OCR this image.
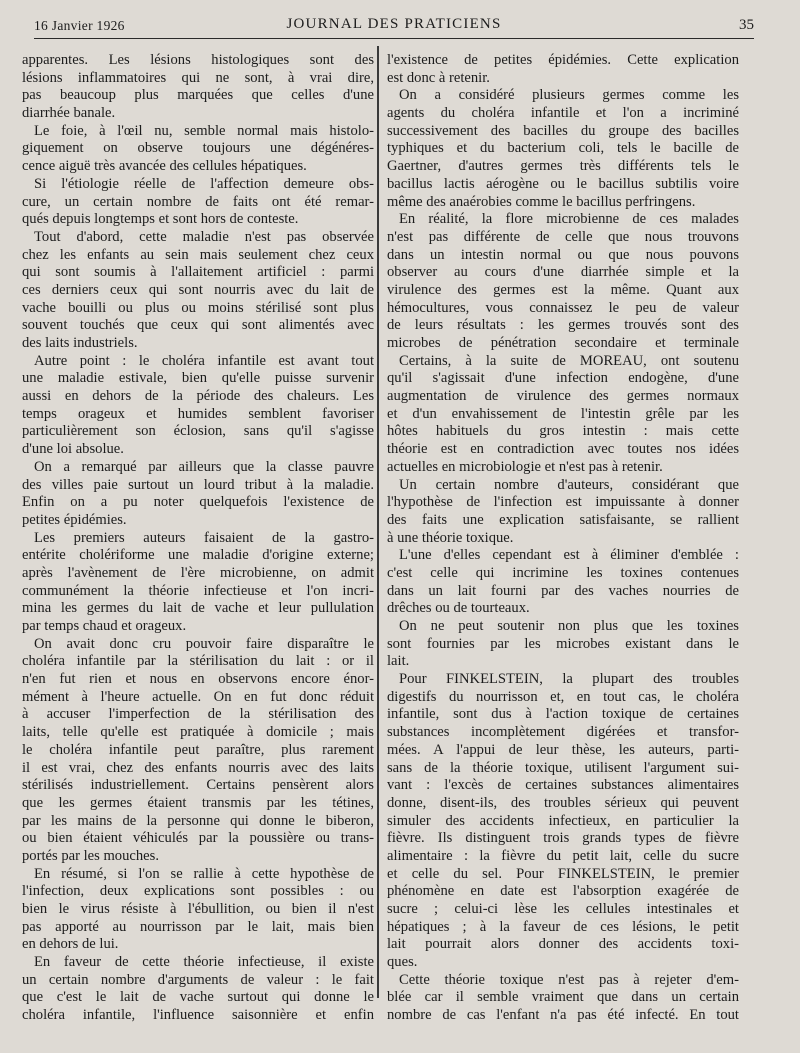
16 Janvier 1926	JOURNAL DES PRATICIENS	35
apparentes. Les lésions histologiques sont des
lésions inflammatoires qui ne sont, à vrai dire,
pas beaucoup plus marquées que celles d'une
diarrhée banale.
Le foie, à l'œil nu, semble normal mais histolo-
giquement on observe toujours une dégénéres-
cence aiguë très avancée des cellules hépatiques.
Si l'étiologie réelle de l'affection demeure obs-
cure, un certain nombre de faits ont été remar-
qués depuis longtemps et sont hors de conteste.
Tout d'abord, cette maladie n'est pas observée
chez les enfants au sein mais seulement chez ceux
qui sont soumis à l'allaitement artificiel : parmi
ces derniers ceux qui sont nourris avec du lait de
vache bouilli ou plus ou moins stérilisé sont plus
souvent touchés que ceux qui sont alimentés avec
des laits industriels.
Autre point : le choléra infantile est avant tout
une maladie estivale, bien qu'elle puisse survenir
aussi en dehors de la période des chaleurs. Les
temps orageux et humides semblent favoriser
particulièrement son éclosion, sans qu'il s'agisse
d'une loi absolue.
On a remarqué par ailleurs que la classe pauvre
des villes paie surtout un lourd tribut à la maladie.
Enfin on a pu noter quelquefois l'existence de
petites épidémies.
Les premiers auteurs faisaient de la gastro-
entérite cholériforme une maladie d'origine externe;
après l'avènement de l'ère microbienne, on admit
communément la théorie infectieuse et l'on incri-
mina les germes du lait de vache et leur pullulation
par temps chaud et orageux.
On avait donc cru pouvoir faire disparaître le
choléra infantile par la stérilisation du lait : or il
n'en fut rien et nous en observons encore énor-
mément à l'heure actuelle. On en fut donc réduit
à accuser l'imperfection de la stérilisation des
laits, telle qu'elle est pratiquée à domicile ; mais
le choléra infantile peut paraître, plus rarement
il est vrai, chez des enfants nourris avec des laits
stérilisés industriellement. Certains pensèrent alors
que les germes étaient transmis par les tétines,
par les mains de la personne qui donne le biberon,
ou bien étaient véhiculés par la poussière ou trans-
portés par les mouches.
En résumé, si l'on se rallie à cette hypothèse de
l'infection, deux explications sont possibles : ou
bien le virus résiste à l'ébullition, ou bien il n'est
pas apporté au nourrisson par le lait, mais bien
en dehors de lui.
En faveur de cette théorie infectieuse, il existe
un certain nombre d'arguments de valeur : le fait
que c'est le lait de vache surtout qui donne le
choléra infantile, l'influence saisonnière et enfin
l'existence de petites épidémies. Cette explication
est donc à retenir.
On a considéré plusieurs germes comme les
agents du choléra infantile et l'on a incriminé
successivement des bacilles du groupe des bacilles
typhiques et du bacterium coli, tels le bacille de
Gaertner, d'autres germes très différents tels le
bacillus lactis aérogène ou le bacillus subtilis voire
même des anaérobies comme le bacillus perfringens.
En réalité, la flore microbienne de ces malades
n'est pas différente de celle que nous trouvons
dans un intestin normal ou que nous pouvons
observer au cours d'une diarrhée simple et la
virulence des germes est la même. Quant aux
hémocultures, vous connaissez le peu de valeur
de leurs résultats : les germes trouvés sont des
microbes de pénétration secondaire et terminale
Certains, à la suite de MOREAU, ont soutenu
qu'il s'agissait d'une infection endogène, d'une
augmentation de virulence des germes normaux
et d'un envahissement de l'intestin grêle par les
hôtes habituels du gros intestin : mais cette
théorie est en contradiction avec toutes nos idées
actuelles en microbiologie et n'est pas à retenir.
Un certain nombre d'auteurs, considérant que
l'hypothèse de l'infection est impuissante à donner
des faits une explication satisfaisante, se rallient
à une théorie toxique.
L'une d'elles cependant est à éliminer d'emblée :
c'est celle qui incrimine les toxines contenues
dans un lait fourni par des vaches nourries de
drêches ou de tourteaux.
On ne peut soutenir non plus que les toxines
sont fournies par les microbes existant dans le
lait.
Pour FINKELSTEIN, la plupart des troubles
digestifs du nourrisson et, en tout cas, le choléra
infantile, sont dus à l'action toxique de certaines
substances incomplètement digérées et transfor-
mées. A l'appui de leur thèse, les auteurs, parti-
sans de la théorie toxique, utilisent l'argument sui-
vant : l'excès de certaines substances alimentaires
donne, disent-ils, des troubles sérieux qui peuvent
simuler des accidents infectieux, en particulier la
fièvre. Ils distinguent trois grands types de fièvre
alimentaire : la fièvre du petit lait, celle du sucre
et celle du sel. Pour FINKELSTEIN, le premier
phénomène en date est l'absorption exagérée de
sucre ; celui-ci lèse les cellules intestinales et
hépatiques ; à la faveur de ces lésions, le petit
lait pourrait alors donner des accidents toxi-
ques.
Cette théorie toxique n'est pas à rejeter d'em-
blée car il semble vraiment que dans un certain
nombre de cas l'enfant n'a pas été infecté. En tout
